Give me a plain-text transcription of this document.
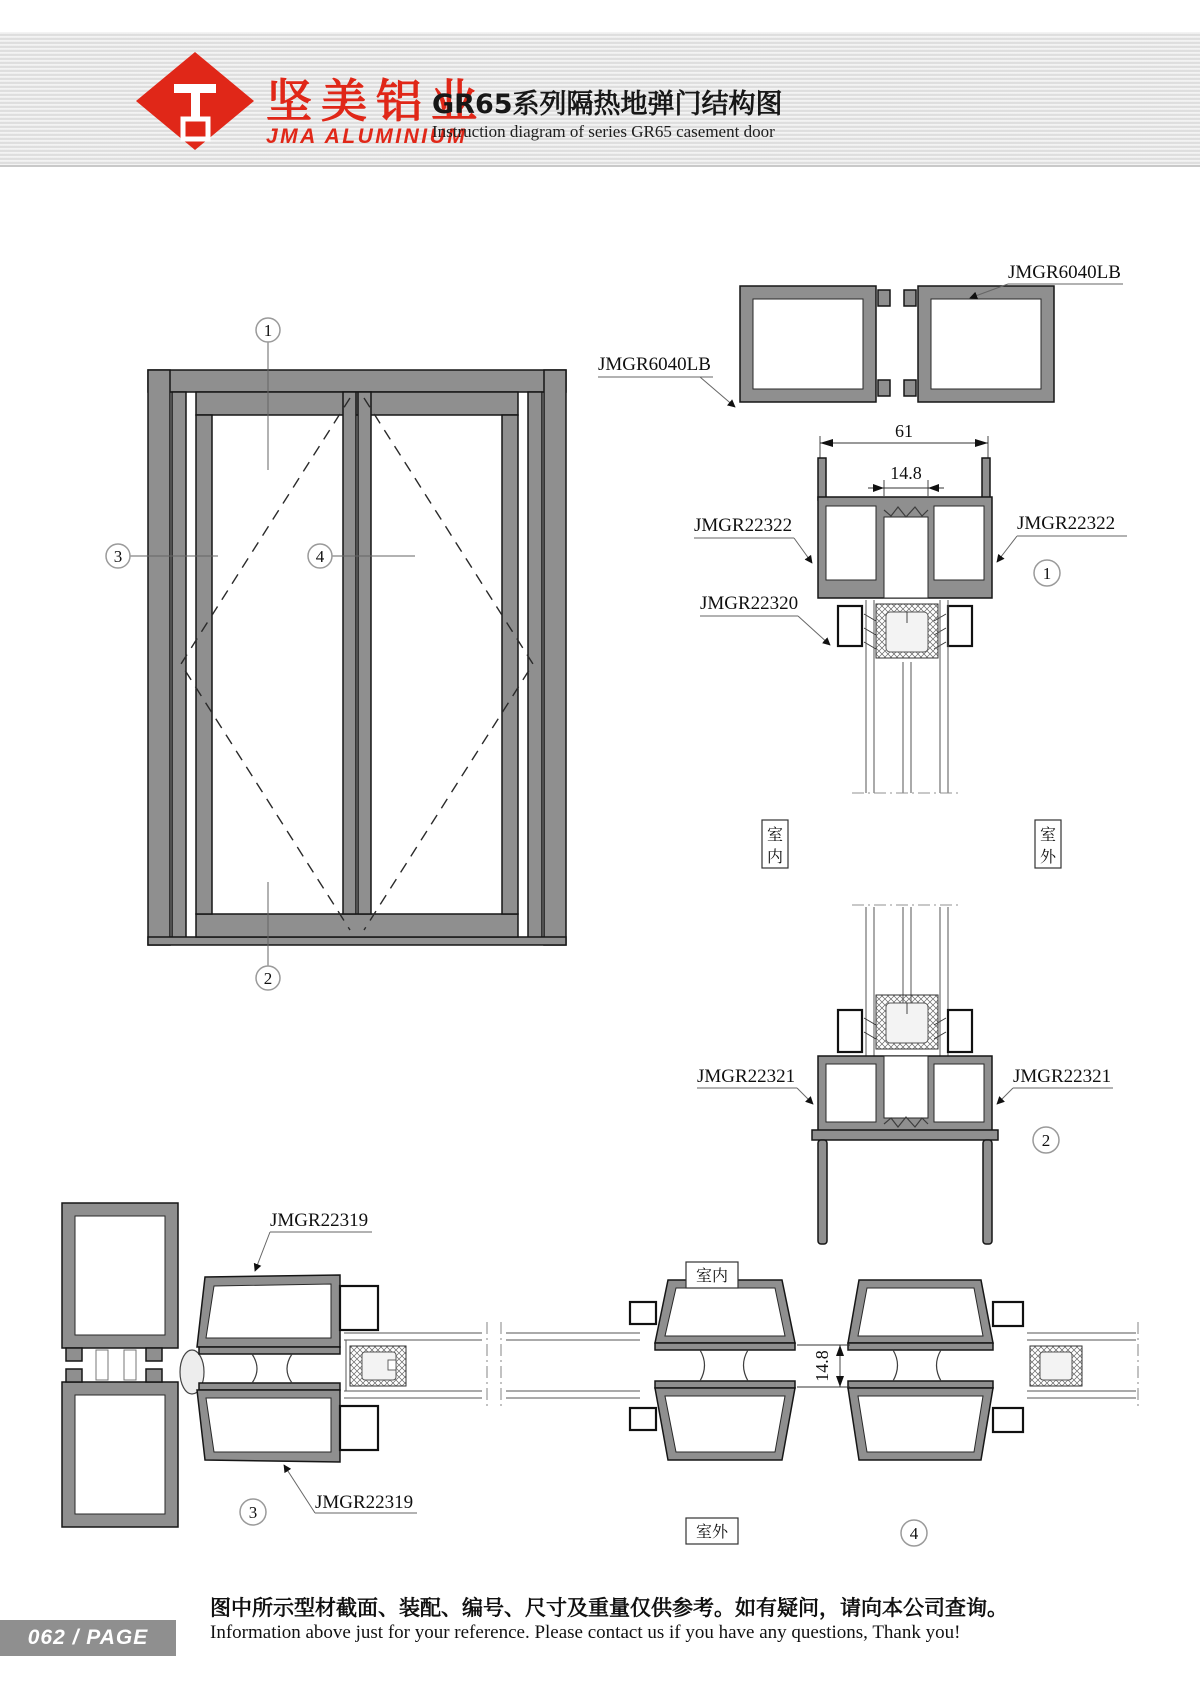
坚美铝业
JMA ALUMINIUM
GR65系列隔热地弹门结构图
Instruction diagram of series GR65 casement door
1
2
3	4
JMGR6040LB
JMGR6040LB
61
14.8
JMGR22322	JMGR22322
JMGR22320
1
室
内
室
外
JMGR22321	JMGR22321
2
JMGR22319
JMGR22319
3
14.8
室内
室外	4
062 / PAGE
图中所示型材截面、装配、编号、尺寸及重量仅供参考。如有疑问，请向本公司查询。
Information above just for your reference. Please contact us if you have any questions, Thank you!
